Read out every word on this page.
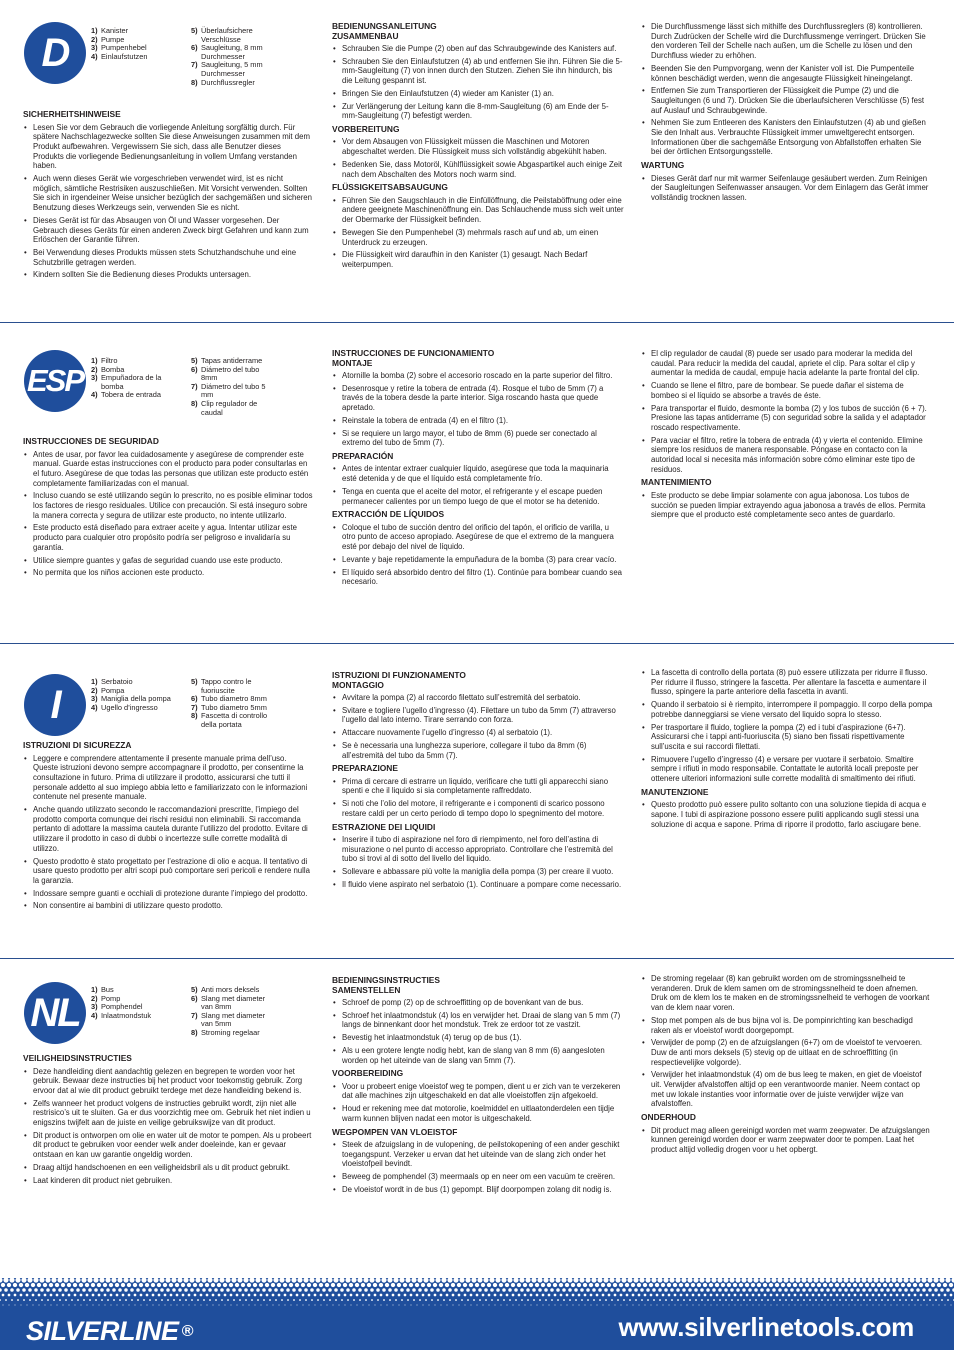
D	1) Kanister
2) Pumpe
3) Pumpenhebel
4) Einlaufstutzen
5) Überlaufsichere Verschlüsse
6) Saugleitung, 8 mm Durchmesser
7) Saugleitung, 5 mm Durchmesser
8) Durchflussregler
SICHERHEITSHINWEISE
• Lesen Sie vor dem Gebrauch die vorliegende Anleitung sorgfältig durch. Für spätere Nachschlagezwecke sollten Sie diese Anweisungen zusammen mit dem Produkt aufbewahren. Vergewissern Sie sich, dass alle Benutzer dieses Produkts die vorliegende Bedienungsanleitung in vollem Umfang verstanden haben.
• Auch wenn dieses Gerät wie vorgeschrieben verwendet wird, ist es nicht möglich, sämtliche Restrisiken auszuschließen. Mit Vorsicht verwenden. Sollten Sie sich in irgendeiner Weise unsicher bezüglich der sachgemäßen und sicheren Benutzung dieses Werkzeugs sein, verwenden Sie es nicht.
• Dieses Gerät ist für das Absaugen von Öl und Wasser vorgesehen. Der Gebrauch dieses Geräts für einen anderen Zweck birgt Gefahren und kann zum Erlöschen der Garantie führen.
• Bei Verwendung dieses Produkts müssen stets Schutzhandschuhe und eine Schutzbrille getragen werden.
• Kindern sollten Sie die Bedienung dieses Produkts untersagen.
BEDIENUNGSANLEITUNG
ZUSAMMENBAU
• Schrauben Sie die Pumpe (2) oben auf das Schraubgewinde des Kanisters auf.
• Schrauben Sie den Einlaufstutzen (4) ab und entfernen Sie ihn. Führen Sie die 5-mm-Saugleitung (7) von innen durch den Stutzen. Ziehen Sie ihn hindurch, bis die Leitung gespannt ist.
• Bringen Sie den Einlaufstutzen (4) wieder am Kanister (1) an.
• Zur Verlängerung der Leitung kann die 8-mm-Saugleitung (6) am Ende der 5-mm-Saugleitung (7) befestigt werden.
VORBEREITUNG
• Vor dem Absaugen von Flüssigkeit müssen die Maschinen und Motoren abgeschaltet werden. Die Flüssigkeit muss sich vollständig abgekühlt haben.
• Bedenken Sie, dass Motoröl, Kühlflüssigkeit sowie Abgaspartikel auch einige Zeit nach dem Abschalten des Motors noch warm sind.
FLÜSSIGKEITSABSAUGUNG
• Führen Sie den Saugschlauch in die Einfüllöffnung, die Peilstaböffnung oder eine andere geeignete Maschinenöffnung ein. Das Schlauchende muss sich weit unter der Obermarke der Flüssigkeit befinden.
• Bewegen Sie den Pumpenhebel (3) mehrmals rasch auf und ab, um einen Unterdruck zu erzeugen.
• Die Flüssigkeit wird daraufhin in den Kanister (1) gesaugt. Nach Bedarf weiterpumpen.
• Die Durchflussmenge lässt sich mithilfe des Durchflussreglers (8) kontrollieren. Durch Zudrücken der Schelle wird die Durchflussmenge verringert. Drücken Sie den vorderen Teil der Schelle nach außen, um die Schelle zu lösen und den Durchfluss wieder zu erhöhen.
• Beenden Sie den Pumpvorgang, wenn der Kanister voll ist. Die Pumpenteile können beschädigt werden, wenn die angesaugte Flüssigkeit hineingelangt.
• Entfernen Sie zum Transportieren der Flüssigkeit die Pumpe (2) und die Saugleitungen (6 und 7). Drücken Sie die überlaufsicheren Verschlüsse (5) fest auf Auslauf und Schraubgewinde.
• Nehmen Sie zum Entleeren des Kanisters den Einlaufstutzen (4) ab und gießen Sie den Inhalt aus. Verbrauchte Flüssigkeit immer umweltgerecht entsorgen. Informationen über die sachgemäße Entsorgung von Abfallstoffen erhalten Sie bei der örtlichen Entsorgungsstelle.
WARTUNG
• Dieses Gerät darf nur mit warmer Seifenlauge gesäubert werden. Zum Reinigen der Saugleitungen Seifenwasser ansaugen. Vor dem Einlagern das Gerät immer vollständig trocknen lassen.
ESP
1) Filtro
2) Bomba
3) Empuñadora de la bomba
4) Tobera de entrada
5) Tapas antiderrame
6) Diámetro del tubo 8mm
7) Diámetro del tubo 5 mm
8) Clip regulador de caudal
INSTRUCCIONES DE SEGURIDAD
• Antes de usar, por favor lea cuidadosamente y asegúrese de comprender este manual. Guarde estas instrucciones con el producto para poder consultarlas en el futuro. Asegúrese de que todas las personas que utilizan este producto estén completamente familiarizadas con el manual.
• Incluso cuando se esté utilizando según lo prescrito, no es posible eliminar todos los factores de riesgo residuales. Utilice con precaución. Si está inseguro sobre la manera correcta y segura de utilizar este producto, no intente utilizarlo.
• Este producto está diseñado para extraer aceite y agua. Intentar utilizar este producto para cualquier otro propósito podría ser peligroso e invalidaría su garantía.
• Utilice siempre guantes y gafas de seguridad cuando use este producto.
• No permita que los niños accionen este producto.
INSTRUCCIONES DE FUNCIONAMIENTO
MONTAJE
• Atornille la bomba (2) sobre el accesorio roscado en la parte superior del filtro.
• Desenrosque y retire la tobera de entrada (4). Rosque el tubo de 5mm (7) a través de la tobera desde la parte interior. Siga roscando hasta que quede apretado.
• Reinstale la tobera de entrada (4) en el filtro (1).
• Si se requiere un largo mayor, el tubo de 8mm (6) puede ser conectado al extremo del tubo de 5mm (7).
PREPARACIÓN
• Antes de intentar extraer cualquier líquido, asegúrese que toda la maquinaria esté detenida y de que el líquido está completamente frío.
• Tenga en cuenta que el aceite del motor, el refrigerante y el escape pueden permanecer calientes por un tiempo luego de que el motor se ha detenido.
EXTRACCIÓN DE LÍQUIDOS
• Coloque el tubo de succión dentro del orificio del tapón, el orificio de varilla, u otro punto de acceso apropiado. Asegúrese de que el extremo de la manguera esté por debajo del nivel de líquido.
• Levante y baje repetidamente la empuñadura de la bomba (3) para crear vacío.
• El líquido será absorbido dentro del filtro (1). Continúe para bombear cuando sea necesario.
• El clip regulador de caudal (8) puede ser usado para moderar la medida del caudal. Para reducir la medida del caudal, apriete el clip. Para soltar el clip y aumentar la medida de caudal, empuje hacia adelante la parte frontal del clip.
• Cuando se llene el filtro, pare de bombear. Se puede dañar el sistema de bombeo si el líquido se absorbe a través de éste.
• Para transportar el fluido, desmonte la bomba (2) y los tubos de succión (6 + 7). Presione las tapas antiderrame (5) con seguridad sobre la salida y el adaptador roscado respectivamente.
• Para vaciar el filtro, retire la tobera de entrada (4) y vierta el contenido. Elimine siempre los residuos de manera responsable. Póngase en contacto con la autoridad local si necesita más información sobre cómo eliminar este tipo de residuos.
MANTENIMIENTO
• Este producto se debe limpiar solamente con agua jabonosa. Los tubos de succión se pueden limpiar extrayendo agua jabonosa a través de ellos. Permita siempre que el producto esté completamente seco antes de guardarlo.
I
1) Serbatoio
2) Pompa
3) Maniglia della pompa
4) Ugello d’ingresso
5) Tappo contro le fuoriuscite
6) Tubo diametro 8mm
7) Tubo diametro 5mm
8) Fascetta di controllo della portata
ISTRUZIONI DI SICUREZZA
• Leggere e comprendere attentamente il presente manuale prima dell’uso. Queste istruzioni devono sempre accompagnare il prodotto, per consentirne la consultazione in futuro. Prima di utilizzare il prodotto, assicurarsi che tutti il personale addetto al suo impiego abbia letto e familiarizzato con le informazioni contenute nel presente manuale.
• Anche quando utilizzato secondo le raccomandazioni prescritte, l’impiego del prodotto comporta comunque dei rischi residui non eliminabili. Si raccomanda pertanto di adottare la massima cautela durante l’utilizzo del prodotto. Evitare di utilizzare il prodotto in caso di dubbi o incertezze sulle corrette modalità di utilizzo.
• Questo prodotto è stato progettato per l’estrazione di olio e acqua. Il tentativo di usare questo prodotto per altri scopi può comportare seri pericoli e rendere nulla la garanzia.
• Indossare sempre guanti e occhiali di protezione durante l’impiego del prodotto.
• Non consentire ai bambini di utilizzare questo prodotto.
ISTRUZIONI DI FUNZIONAMENTO
MONTAGGIO
• Avvitare la pompa (2) al raccordo filettato sull’estremità del serbatoio.
• Svitare e togliere l’ugello d’ingresso (4). Filettare un tubo da 5mm (7) attraverso l’ugello dal lato interno. Tirare serrando con forza.
• Attaccare nuovamente l’ugello d’ingresso (4) al serbatoio (1).
• Se è necessaria una lunghezza superiore, collegare il tubo da 8mm (6) all’estremità del tubo da 5mm (7).
PREPARAZIONE
• Prima di cercare di estrarre un liquido, verificare che tutti gli apparecchi siano spenti e che il liquido si sia completamente raffreddato.
• Si noti che l’olio del motore, il refrigerante e i componenti di scarico possono restare caldi per un certo periodo di tempo dopo lo spegnimento del motore.
ESTRAZIONE DEI LIQUIDI
• Inserire il tubo di aspirazione nel foro di riempimento, nel foro dell’astina di misurazione o nel punto di accesso appropriato. Controllare che l’estremità del tubo si trovi al di sotto del livello del liquido.
• Sollevare e abbassare più volte la maniglia della pompa (3) per creare il vuoto.
• Il fluido viene aspirato nel serbatoio (1). Continuare a pompare come necessario.
• La fascetta di controllo della portata (8) può essere utilizzata per ridurre il flusso. Per ridurre il flusso, stringere la fascetta. Per allentare la fascetta e aumentare il flusso, spingere la parte anteriore della fascetta in avanti.
• Quando il serbatoio si è riempito, interrompere il pompaggio. Il corpo della pompa potrebbe danneggiarsi se viene versato del liquido sopra lo stesso.
• Per trasportare il fluido, togliere la pompa (2) ed i tubi d’aspirazione (6+7). Assicurarsi che i tappi anti-fuoriuscita (5) siano ben fissati rispettivamente sull’uscita e sui raccordi filettati.
• Rimuovere l’ugello d’ingresso (4) e versare per vuotare il serbatoio. Smaltire sempre i rifiuti in modo responsabile. Contattate le autorità locali preposte per ottenere ulteriori informazioni sulle corrette modalità di smaltimento dei rifiuti.
MANUTENZIONE
• Questo prodotto può essere pulito soltanto con una soluzione tiepida di acqua e sapone. I tubi di aspirazione possono essere puliti applicando sugli stessi una soluzione di acqua e sapone. Prima di riporre il prodotto, farlo asciugare bene.
NL
1) Bus
2) Pomp
3) Pomphendel
4) Inlaatmondstuk
5) Anti mors deksels
6) Slang met diameter van 8mm
7) Slang met diameter van 5mm
8) Stroming regelaar
VEILIGHEIDSINSTRUCTIES
• Deze handleiding dient aandachtig gelezen en begrepen te worden voor het gebruik. Bewaar deze instructies bij het product voor toekomstig gebruik. Zorg ervoor dat al wie dit product gebruikt terdege met deze handleiding bekend is.
• Zelfs wanneer het product volgens de instructies gebruikt wordt, zijn niet alle restrisico’s uit te sluiten. Ga er dus voorzichtig mee om. Gebruik het niet indien u enigszins twijfelt aan de juiste en veilige gebruikswijze van dit product.
• Dit product is ontworpen om olie en water uit de motor te pompen. Als u probeert dit product te gebruiken voor eender welk ander doeleinde, kan er gevaar ontstaan en kan uw garantie ongeldig worden.
• Draag altijd handschoenen en een veiligheidsbril als u dit product gebruikt.
• Laat kinderen dit product niet gebruiken.
BEDIENINGSINSTRUCTIES
SAMENSTELLEN
• Schroef de pomp (2) op de schroeffitting op de bovenkant van de bus.
• Schroef het inlaatmondstuk (4) los en verwijder het. Draai de slang van 5 mm (7) langs de binnenkant door het mondstuk. Trek ze erdoor tot ze vastzit.
• Bevestig het inlaatmondstuk (4) terug op de bus (1).
• Als u een grotere lengte nodig hebt, kan de slang van 8 mm (6) aangesloten worden op het uiteinde van de slang van 5mm (7).
VOORBEREIDING
• Voor u probeert enige vloeistof weg te pompen, dient u er zich van te verzekeren dat alle machines zijn uitgeschakeld en dat alle vloeistoffen zijn afgekoeld.
• Houd er rekening mee dat motorolie, koelmiddel en uitlaatonderdelen een tijdje warm kunnen blijven nadat een motor is uitgeschakeld.
WEGPOMPEN VAN VLOEISTOF
• Steek de afzuigslang in de vulopening, de peilstokopening of een ander geschikt toegangspunt. Verzeker u ervan dat het uiteinde van de slang zich onder het vloeistofpeil bevindt.
• Beweeg de pomphendel (3) meermaals op en neer om een vacuüm te creëren.
• De vloeistof wordt in de bus (1) gepompt. Blijf doorpompen zolang dit nodig is.
• De stroming regelaar (8) kan gebruikt worden om de stromingssnelheid te veranderen. Druk de klem samen om de stromingssnelheid te doen afnemen. Druk om de klem los te maken en de stromingssnelheid te verhogen de voorkant van de klem naar voren.
• Stop met pompen als de bus bijna vol is. De pompinrichting kan beschadigd raken als er vloeistof wordt doorgepompt.
• Verwijder de pomp (2) en de afzuigslangen (6+7) om de vloeistof te vervoeren. Duw de anti mors deksels (5) stevig op de uitlaat en de schroeffitting (in respectievelijke volgorde).
• Verwijder het inlaatmondstuk (4) om de bus leeg te maken, en giet de vloeistof uit. Verwijder afvalstoffen altijd op een verantwoorde manier. Neem contact op met uw lokale instanties voor informatie over de juiste verwijder wijze van afvalstoffen.
ONDERHOUD
• Dit product mag alleen gereinigd worden met warm zeepwater. De afzuigslangen kunnen gereinigd worden door er warm zeepwater door te pompen. Laat het product altijd volledig drogen voor u het opbergt.
SILVERLINE ®	www.silverlinetools.com
